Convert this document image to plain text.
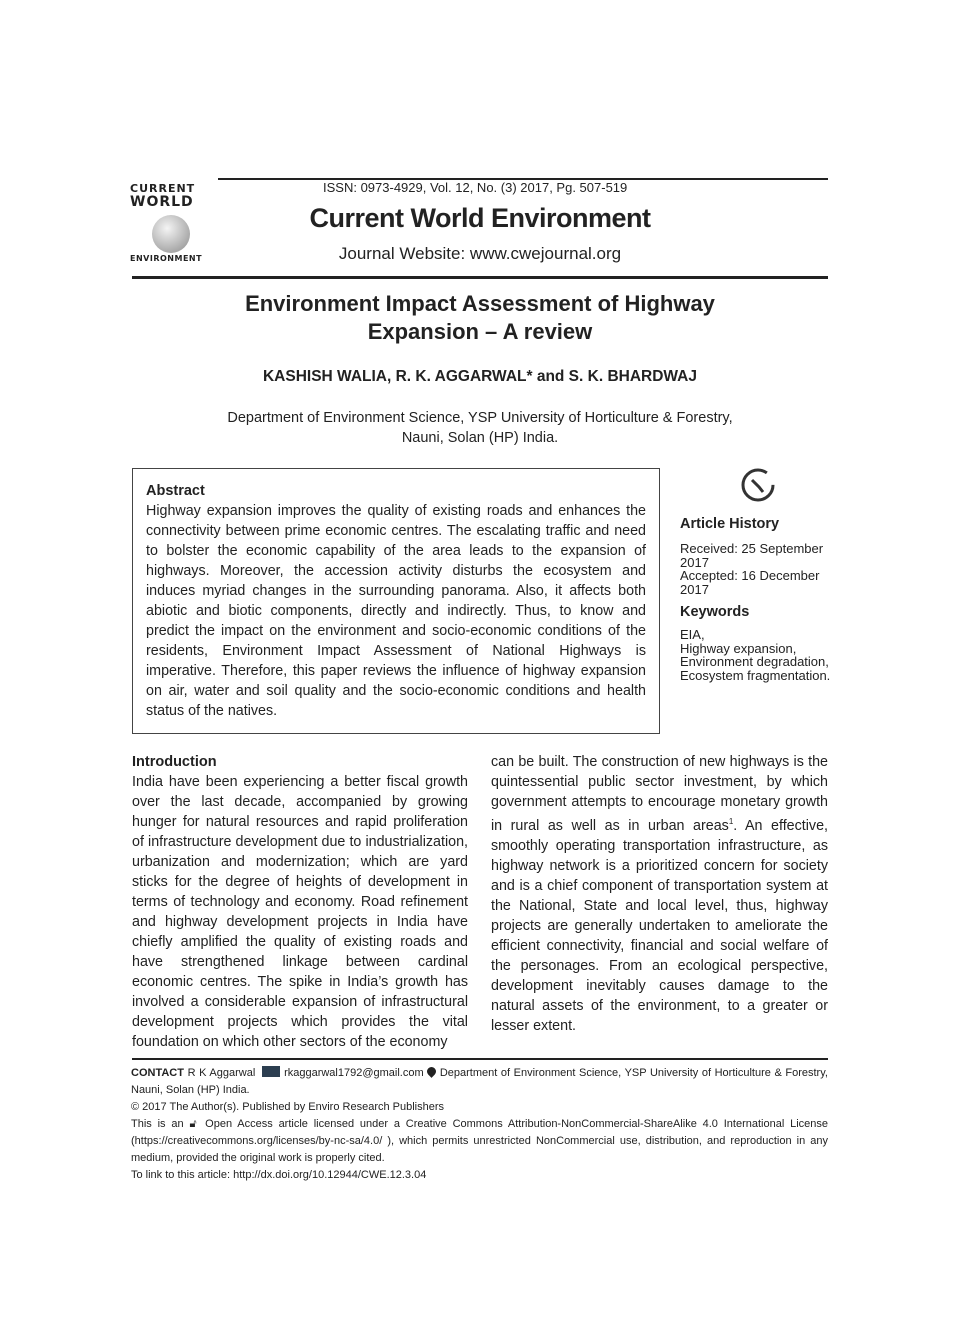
CURRENT
WORLD
ENVIRONMENT
ISSN: 0973-4929, Vol. 12, No. (3) 2017, Pg. 507-519
Current World Environment
Journal Website: www.cwejournal.org
Environment Impact Assessment of Highway
Expansion – A review
KASHISH WALIA, R. K. AGGARWAL* and S. K. BHARDWAJ
Department of Environment Science, YSP University of Horticulture & Forestry,
Nauni, Solan (HP) India.
Abstract

Highway expansion improves the quality of existing roads and enhances the connectivity between prime economic centres. The escalating traffic and need to bolster the economic capability of the area leads to the expansion of highways. Moreover, the accession activity disturbs the ecosystem and induces myriad changes in the surrounding panorama. Also, it affects both abiotic and biotic components, directly and indirectly. Thus, to know and predict the impact on the environment and socio-economic conditions of the residents, Environment Impact Assessment of National Highways is imperative. Therefore, this paper reviews the influence of highway expansion on air, water and soil quality and the socio-economic conditions and health status of the natives.

Article History
Received: 25 September 2017
Accepted: 16 December 2017
Keywords
EIA,
Highway expansion,
Environment degradation,
Ecosystem fragmentation.
Introduction

India have been experiencing a better fiscal growth over the last decade, accompanied by growing hunger for natural resources and rapid proliferation of infrastructure development due to industrialization, urbanization and modernization; which are yard sticks for the degree of heights of development in terms of technology and economy. Road refinement and highway development projects in India have chiefly amplified the quality of existing roads and have strengthened linkage between cardinal economic centres. The spike in India’s growth has involved a considerable expansion of infrastructural development projects which provides the vital foundation on which other sectors of the economy

can be built. The construction of new highways is the quintessential public sector investment, by which government attempts to encourage monetary growth in rural as well as in urban areas$^1$. An effective, smoothly operating transportation infrastructure, as highway network is a prioritized concern for society and is a chief component of transportation system at the National, State and local level, thus, highway projects are generally undertaken to ameliorate the efficient connectivity, financial and social welfare of the personages. From an ecological perspective, development inevitably causes damage to the natural assets of the environment, to a greater or lesser extent.
CONTACT R K Aggarwal	rkaggarwal1792@gmail.com Department of Environment Science, YSP University of Horticulture & Forestry, Nauni, Solan (HP) India.
© 2017 The Author(s). Published by Enviro Research Publishers
This is an 🔓︎ Open Access article licensed under a Creative Commons Attribution-NonCommercial-ShareAlike 4.0 International License (https://creativecommons.org/licenses/by-nc-sa/4.0/ ), which permits unrestricted NonCommercial use, distribution, and reproduction in any medium, provided the original work is properly cited.
To link to this article: http://dx.doi.org/10.12944/CWE.12.3.04
